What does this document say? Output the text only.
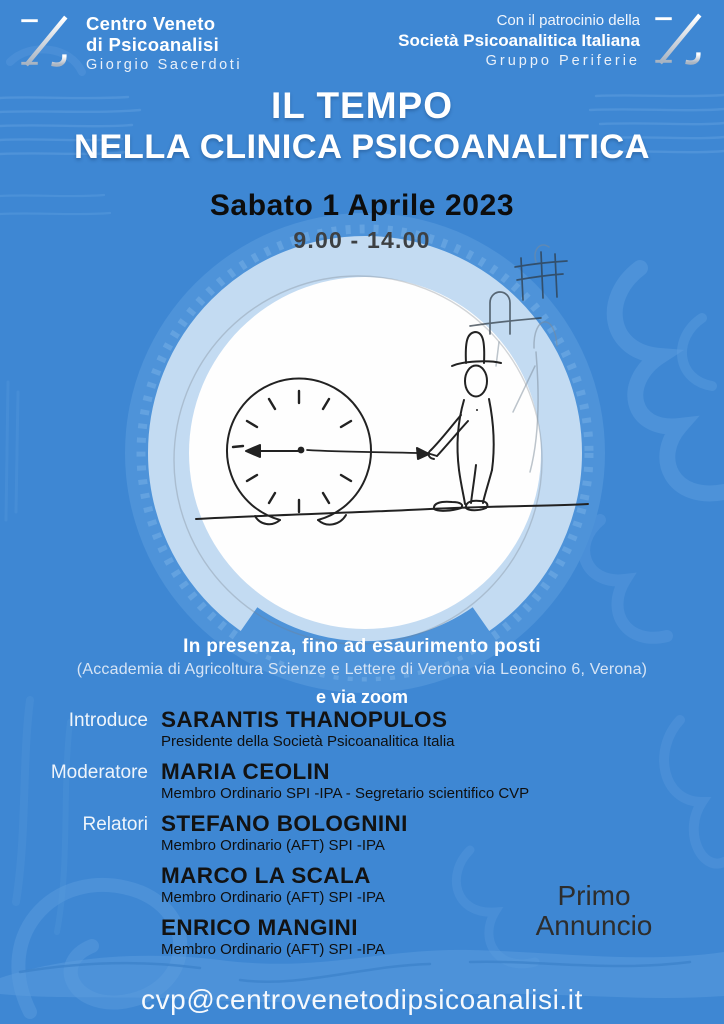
Centro Veneto
di Psicoanalisi
Giorgio Sacerdoti
Con il patrocinio della
Società Psicoanalitica Italiana
Gruppo Periferie
IL TEMPO
NELLA CLINICA PSICOANALITICA
Sabato 1 Aprile 2023
9.00 - 14.00
In presenza, fino ad esaurimento posti
(Accademia di Agricoltura Scienze e Lettere di Verona via Leoncino 6, Verona)
e via zoom
Introduce SARANTIS THANOPULOS
Presidente della Società Psicoanalitica Italia
Moderatore MARIA CEOLIN
Membro Ordinario SPI -IPA - Segretario scientifico CVP
Relatori STEFANO BOLOGNINI
Membro Ordinario (AFT) SPI -IPA
MARCO LA SCALA
Membro Ordinario (AFT) SPI -IPA
ENRICO MANGINI
Membro Ordinario (AFT) SPI -IPA
Primo
Annuncio
cvp@centrovenetodipsicoanalisi.it
